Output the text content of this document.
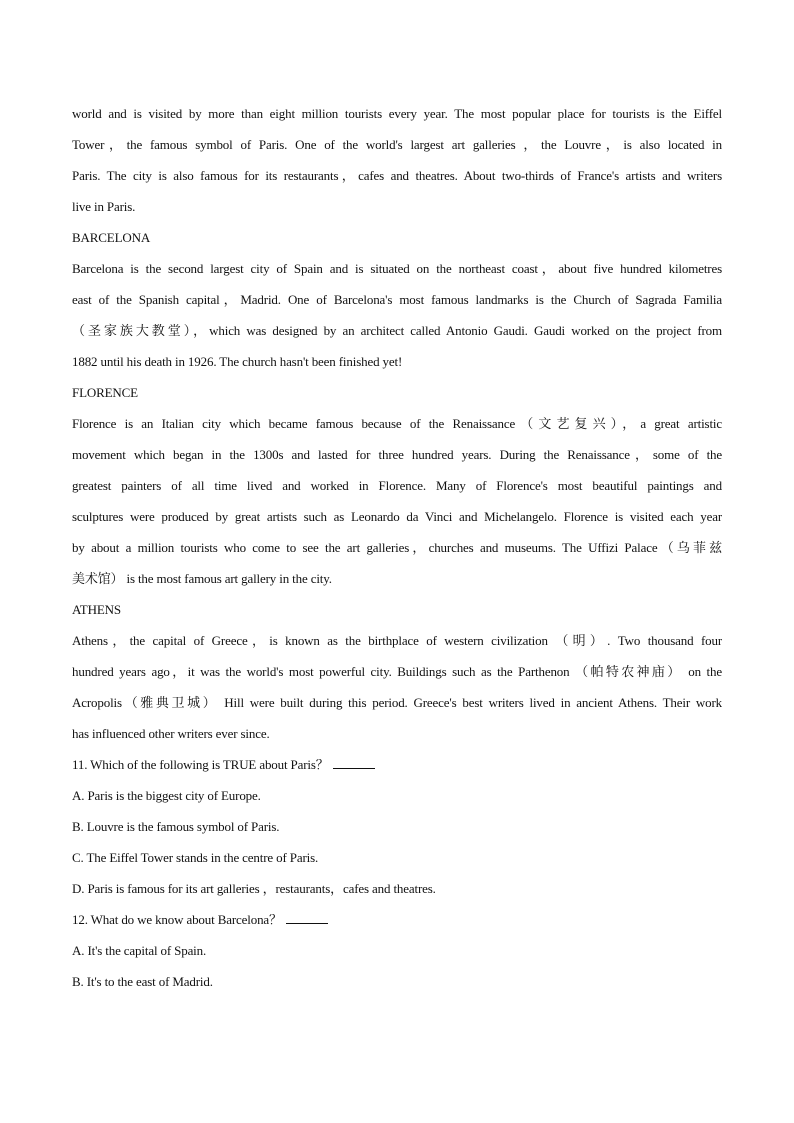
world and is visited by more than eight million tourists every year. The most popular place for tourists is the Eiffel
Tower，the famous symbol of Paris. One of the world's largest art galleries ，the Louvre，is also located in
Paris. The city is also famous for its restaurants，cafes and theatres. About two-thirds of France's artists and writers
live in Paris.
BARCELONA
Barcelona is the second largest city of Spain and is situated on the northeast coast，about five hundred kilometres
east of the Spanish capital，Madrid. One of Barcelona's most famous landmarks is the Church of Sagrada Familia
（圣家族大教堂），which was designed by an architect called Antonio Gaudi. Gaudi worked on the project from
1882 until his death in 1926. The church hasn't been finished yet!
FLORENCE
Florence is an Italian city which became famous because of the Renaissance（文艺复兴），a great artistic
movement which began in the 1300s and lasted for three hundred years. During the Renaissance，some of the
greatest painters of all time lived and worked in Florence. Many of Florence's most beautiful paintings and
sculptures were produced by great artists such as Leonardo da Vinci and Michelangelo. Florence is visited each year
by about a million tourists who come to see the art galleries，churches and museums. The Uffizi Palace（乌菲兹
美术馆） is the most famous art gallery in the city.
ATHENS
Athens，the capital of Greece，is known as the birthplace of western civilization （明）. Two thousand four
hundred years ago，it was the world's most powerful city. Buildings such as the Parthenon （帕特农神庙） on the
Acropolis（雅典卫城） Hill were built during this period. Greece's best writers lived in ancient Athens. Their work
has influenced other writers ever since.
11. Which of the following is TRUE about Paris？
A. Paris is the biggest city of Europe.
B. Louvre is the famous symbol of Paris.
C. The Eiffel Tower stands in the centre of Paris.
D. Paris is famous for its art galleries ，restaurants，cafes and theatres.
12. What do we know about Barcelona？
A. It's the capital of Spain.
B. It's to the east of Madrid.
